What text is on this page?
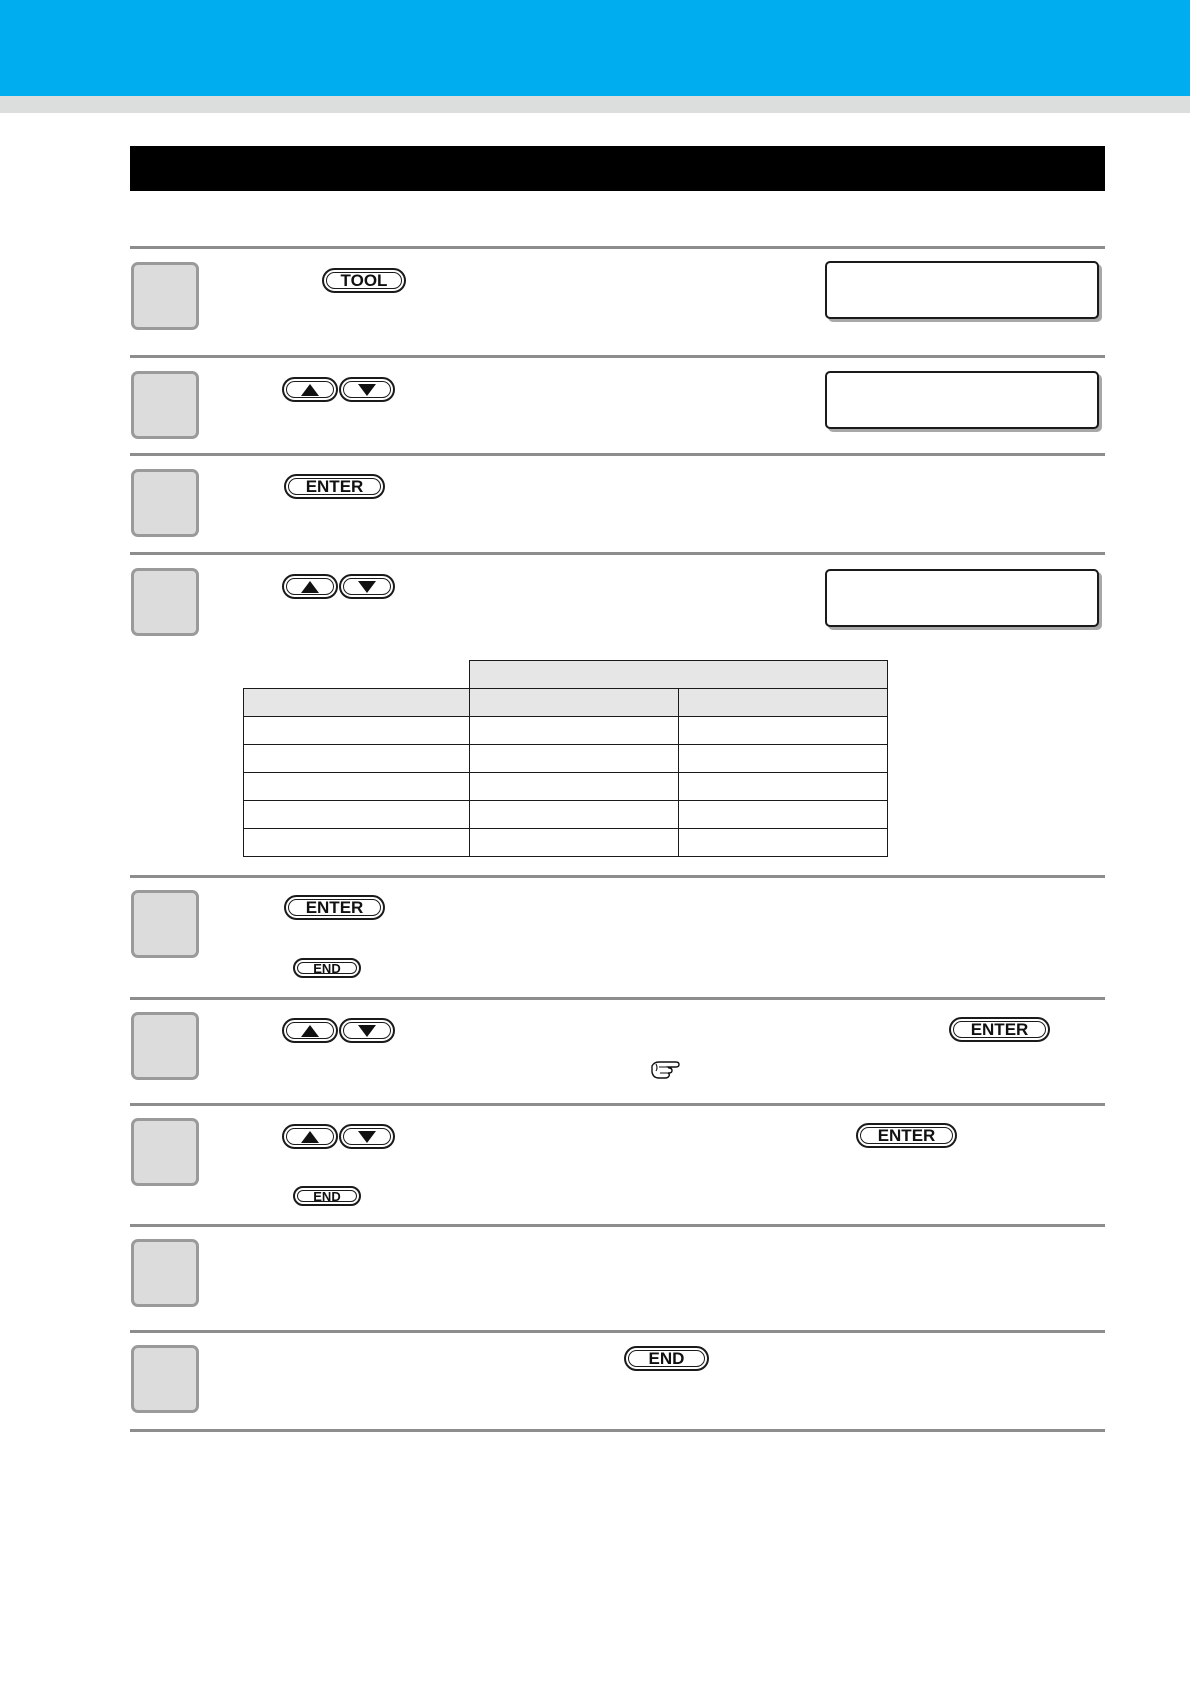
TOOL
ENTER

ENTER
END
ENTER
ENTER
END
END
